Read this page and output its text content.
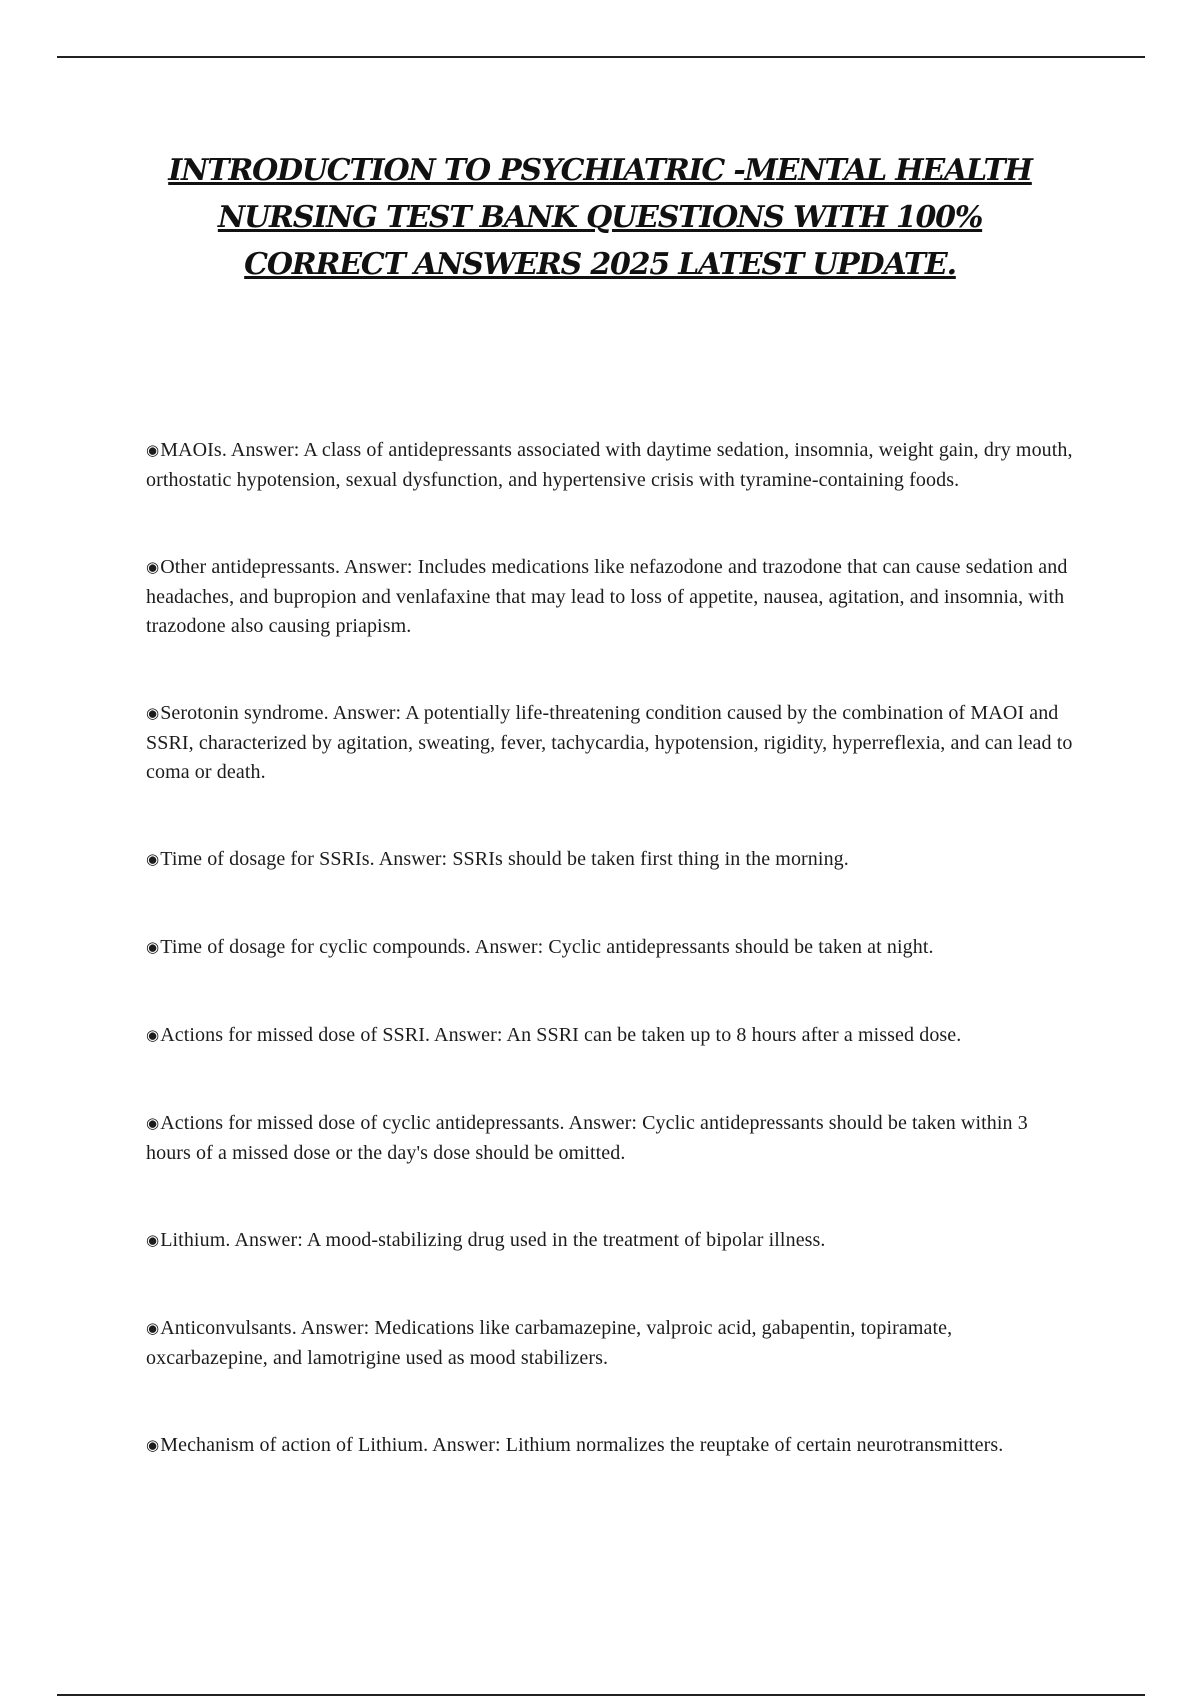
INTRODUCTION TO PSYCHIATRIC -MENTAL HEALTH NURSING TEST BANK QUESTIONS WITH 100% CORRECT ANSWERS 2025 LATEST UPDATE.
◉MAOIs. Answer: A class of antidepressants associated with daytime sedation, insomnia, weight gain, dry mouth, orthostatic hypotension, sexual dysfunction, and hypertensive crisis with tyramine-containing foods.
◉Other antidepressants. Answer: Includes medications like nefazodone and trazodone that can cause sedation and headaches, and bupropion and venlafaxine that may lead to loss of appetite, nausea, agitation, and insomnia, with trazodone also causing priapism.
◉Serotonin syndrome. Answer: A potentially life-threatening condition caused by the combination of MAOI and SSRI, characterized by agitation, sweating, fever, tachycardia, hypotension, rigidity, hyperreflexia, and can lead to coma or death.
◉Time of dosage for SSRIs. Answer: SSRIs should be taken first thing in the morning.
◉Time of dosage for cyclic compounds. Answer: Cyclic antidepressants should be taken at night.
◉Actions for missed dose of SSRI. Answer: An SSRI can be taken up to 8 hours after a missed dose.
◉Actions for missed dose of cyclic antidepressants. Answer: Cyclic antidepressants should be taken within 3 hours of a missed dose or the day's dose should be omitted.
◉Lithium. Answer: A mood-stabilizing drug used in the treatment of bipolar illness.
◉Anticonvulsants. Answer: Medications like carbamazepine, valproic acid, gabapentin, topiramate, oxcarbazepine, and lamotrigine used as mood stabilizers.
◉Mechanism of action of Lithium. Answer: Lithium normalizes the reuptake of certain neurotransmitters.
